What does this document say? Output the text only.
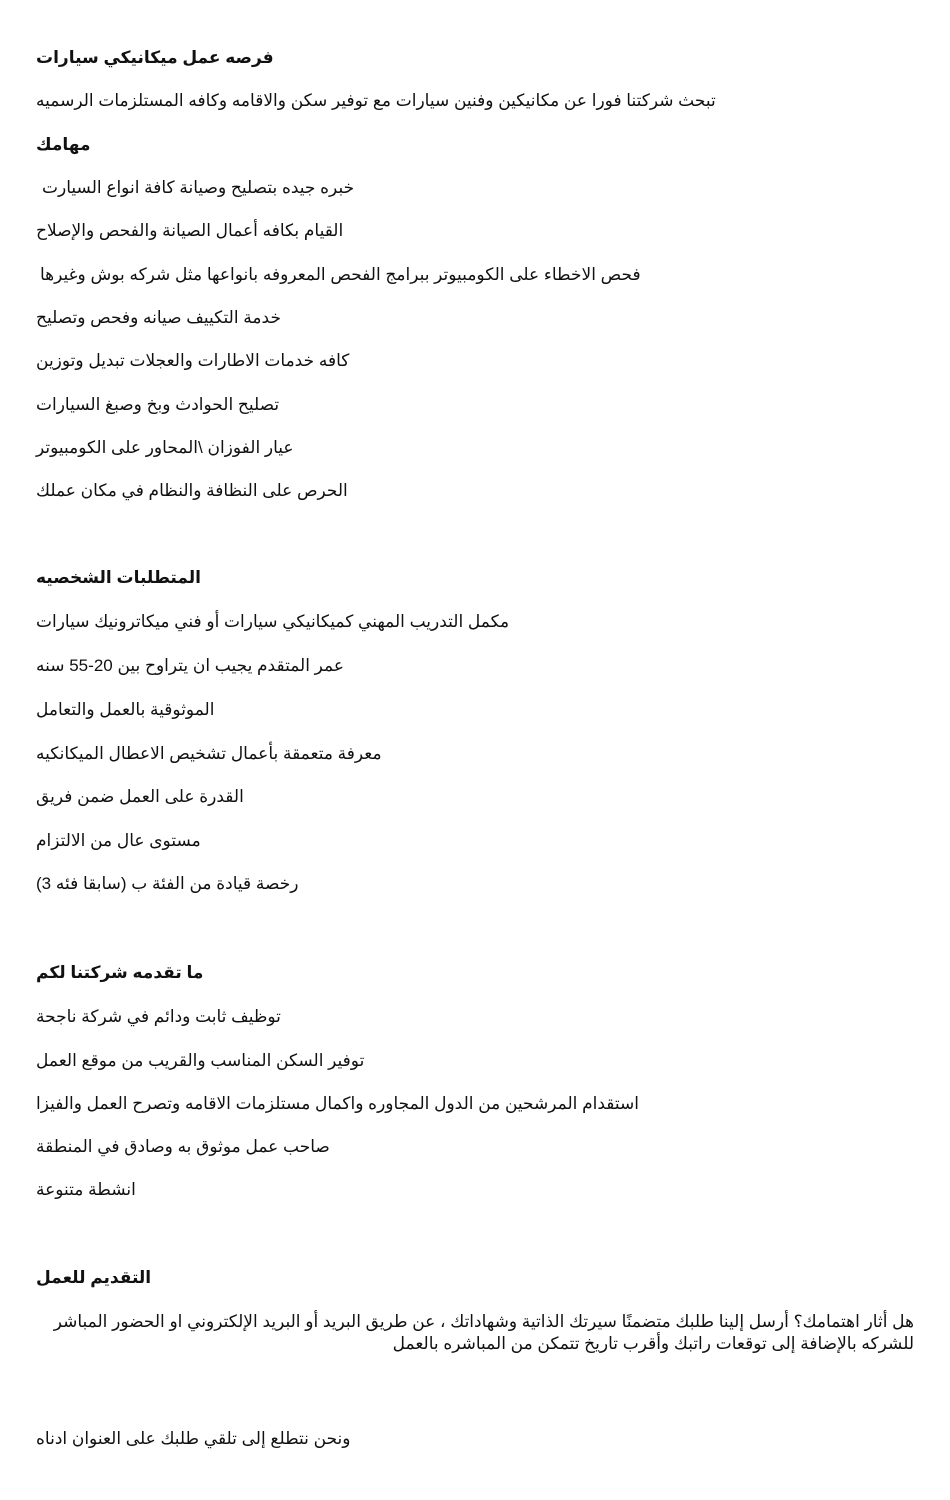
فرصه عمل ميكانيكي سيارات
تبحث شركتنا فورا عن مكانيكين وفنين سيارات مع توفير سكن والاقامه وكافه المستلزمات الرسميه
مهامك
خبره جيده بتصليح وصيانة كافة انواع السيارت
القيام بكافه أعمال الصيانة والفحص والإصلاح
فحص الاخطاء على الكومبيوتر ببرامج الفحص المعروفه بانواعها مثل شركه بوش وغيرها
خدمة التكييف صيانه وفحص وتصليح
كافه خدمات الاطارات والعجلات تبديل وتوزين
تصليح الحوادث وبخ وصبغ السيارات
عيار الفوزان \المحاور على الكومبيوتر
الحرص على النظافة والنظام في مكان عملك
المتطلبات الشخصيه
مكمل التدريب المهني كميكانيكي سيارات أو فني ميكاترونيك سيارات
عمر المتقدم يجيب ان يتراوح بين 20-55 سنه
الموثوقية بالعمل والتعامل
معرفة متعمقة بأعمال تشخيص الاعطال الميكانكيه
القدرة على العمل ضمن فريق
مستوى عال من الالتزام
رخصة قيادة من الفئة ب (سابقا فئه 3)
ما تقدمه شركتنا لكم
توظيف ثابت ودائم في شركة ناجحة
توفير السكن المناسب والقريب من موقع العمل
استقدام المرشحين من الدول المجاوره واكمال مستلزمات الاقامه وتصرح العمل والفيزا
صاحب عمل موثوق به وصادق في المنطقة
انشطة متنوعة
التقديم للعمل
هل أثار اهتمامك؟ أرسل إلينا طلبك متضمنًا سيرتك الذاتية وشهاداتك ، عن طريق البريد أو البريد الإلكتروني او الحضور المباشر للشركه بالإضافة إلى توقعات راتبك وأقرب تاريخ تتمكن من المباشره بالعمل
ونحن نتطلع إلى تلقي طلبك على العنوان ادناه
